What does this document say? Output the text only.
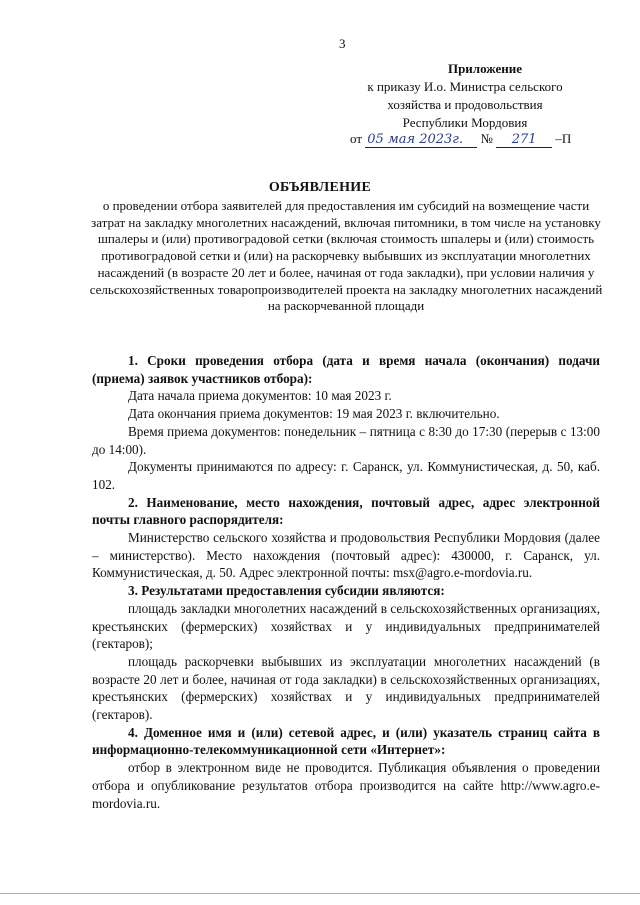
3
Приложение
к приказу И.о. Министра сельского
хозяйства и продовольствия
Республики Мордовия
от 05 мая 2023г. № 271 –П
ОБЪЯВЛЕНИЕ
о проведении отбора заявителей для предоставления им субсидий на возмещение части затрат на закладку многолетних насаждений, включая питомники, в том числе на установку шпалеры и (или) противоградовой сетки (включая стоимость шпалеры и (или) стоимость противоградовой сетки и (или) на раскорчевку выбывших из эксплуатации многолетних насаждений (в возрасте 20 лет и более, начиная от года закладки), при условии наличия у сельскохозяйственных товаропроизводителей проекта на закладку многолетних насаждений на раскорчеванной площади

1. Сроки проведения отбора (дата и время начала (окончания) подачи (приема) заявок участников отбора):

Дата начала приема документов: 10 мая 2023 г.

Дата окончания приема документов: 19 мая 2023 г. включительно.

Время приема документов: понедельник – пятница с 8:30 до 17:30 (перерыв с 13:00 до 14:00).

Документы принимаются по адресу: г. Саранск, ул. Коммунистическая, д. 50, каб. 102.

2. Наименование, место нахождения, почтовый адрес, адрес электронной почты главного распорядителя:

Министерство сельского хозяйства и продовольствия Республики Мордовия (далее – министерство). Место нахождения (почтовый адрес): 430000, г. Саранск, ул. Коммунистическая, д. 50. Адрес электронной почты: msx@agro.e-mordovia.ru.

3. Результатами предоставления субсидии являются:

площадь закладки многолетних насаждений в сельскохозяйственных организациях, крестьянских (фермерских) хозяйствах и у индивидуальных предпринимателей (гектаров);

площадь раскорчевки выбывших из эксплуатации многолетних насаждений (в возрасте 20 лет и более, начиная от года закладки) в сельскохозяйственных организациях, крестьянских (фермерских) хозяйствах и у индивидуальных предпринимателей (гектаров).

4. Доменное имя и (или) сетевой адрес, и (или) указатель страниц сайта в информационно-телекоммуникационной сети «Интернет»:

отбор в электронном виде не проводится. Публикация объявления о проведении отбора и опубликование результатов отбора производится на сайте http://www.agro.e-mordovia.ru.
